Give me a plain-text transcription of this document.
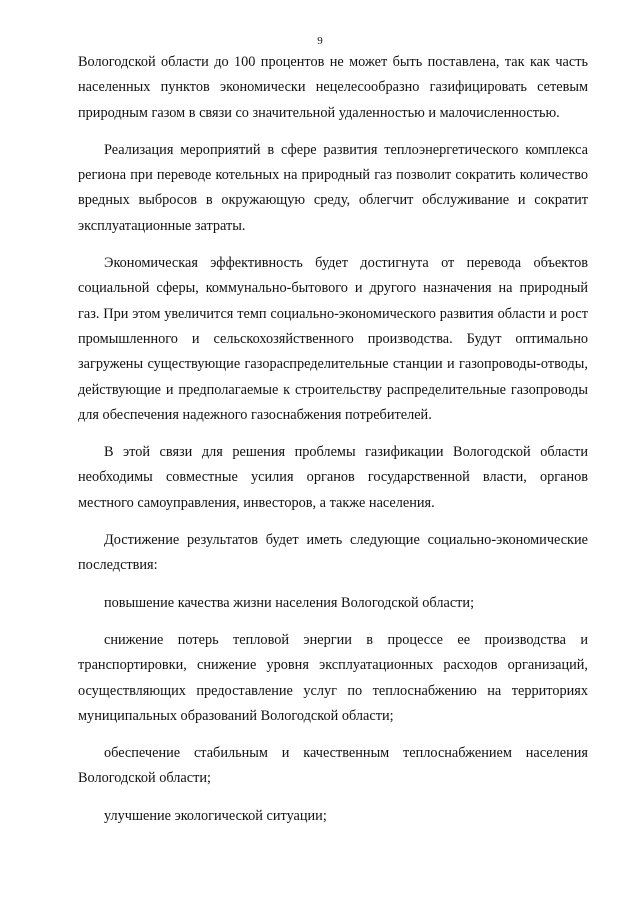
9

Вологодской области до 100 процентов не может быть поставлена, так как часть населенных пунктов экономически нецелесообразно газифицировать сетевым природным газом в связи со значительной удаленностью и малочисленностью.

Реализация мероприятий в сфере развития теплоэнергетического комплекса региона при переводе котельных на природный газ позволит сократить количество вредных выбросов в окружающую среду, облегчит обслуживание и сократит эксплуатационные затраты.

Экономическая эффективность будет достигнута от перевода объектов социальной сферы, коммунально-бытового и другого назначения на природный газ. При этом увеличится темп социально-экономического развития области и рост промышленного и сельскохозяйственного производства. Будут оптимально загружены существующие газораспределительные станции и газопроводы-отводы, действующие и предполагаемые к строительству распределительные газопроводы для обеспечения надежного газоснабжения потребителей.

В этой связи для решения проблемы газификации Вологодской области необходимы совместные усилия органов государственной власти, органов местного самоуправления, инвесторов, а также населения.

Достижение результатов будет иметь следующие социально-экономические последствия:

повышение качества жизни населения Вологодской области;

снижение потерь тепловой энергии в процессе ее производства и транспортировки, снижение уровня эксплуатационных расходов организаций, осуществляющих предоставление услуг по теплоснабжению на территориях муниципальных образований Вологодской области;

обеспечение стабильным и качественным теплоснабжением населения Вологодской области;

улучшение экологической ситуации;
